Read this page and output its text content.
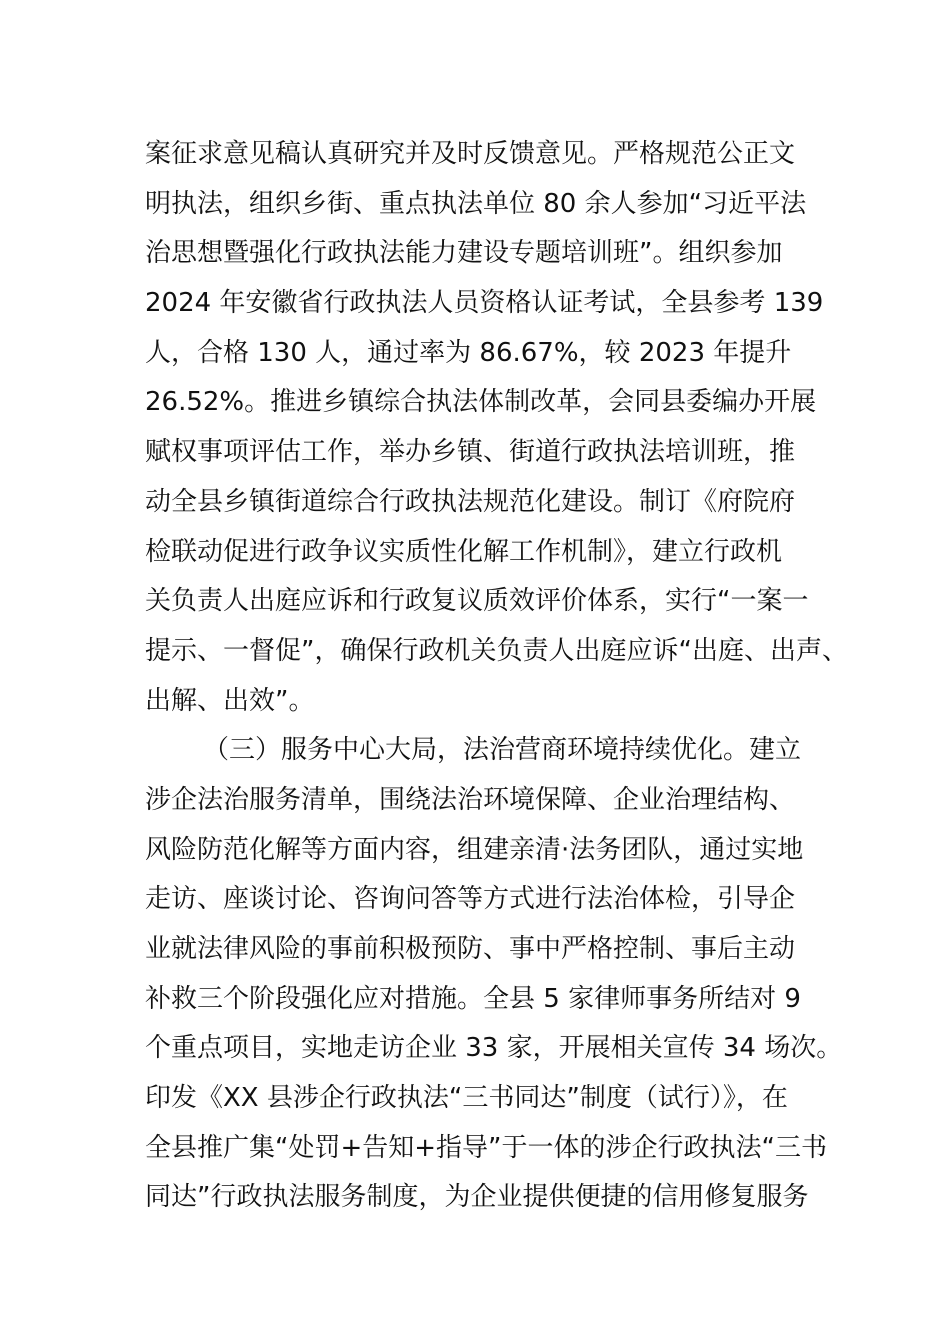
案征求意见稿认真研究并及时反馈意见。严格规范公正文
明执法，组织乡街、重点执法单位 80 余人参加“习近平法
治思想暨强化行政执法能力建设专题培训班”。组织参加
2024 年安徽省行政执法人员资格认证考试，全县参考 139
人，合格 130 人，通过率为 86.67%，较 2023 年提升
26.52%。推进乡镇综合执法体制改革，会同县委编办开展
赋权事项评估工作，举办乡镇、街道行政执法培训班，推
动全县乡镇街道综合行政执法规范化建设。制订《府院府
检联动促进行政争议实质性化解工作机制》，建立行政机
关负责人出庭应诉和行政复议质效评价体系，实行“一案一
提示、一督促”，确保行政机关负责人出庭应诉“出庭、出声、
出解、出效”。
（三）服务中心大局，法治营商环境持续优化。建立
涉企法治服务清单，围绕法治环境保障、企业治理结构、
风险防范化解等方面内容，组建亲清·法务团队，通过实地
走访、座谈讨论、咨询问答等方式进行法治体检，引导企
业就法律风险的事前积极预防、事中严格控制、事后主动
补救三个阶段强化应对措施。全县 5 家律师事务所结对 9
个重点项目，实地走访企业 33 家，开展相关宣传 34 场次。
印发《XX 县涉企行政执法“三书同达”制度（试行）》，在
全县推广集“处罚+告知+指导”于一体的涉企行政执法“三书
同达”行政执法服务制度，为企业提供便捷的信用修复服务
